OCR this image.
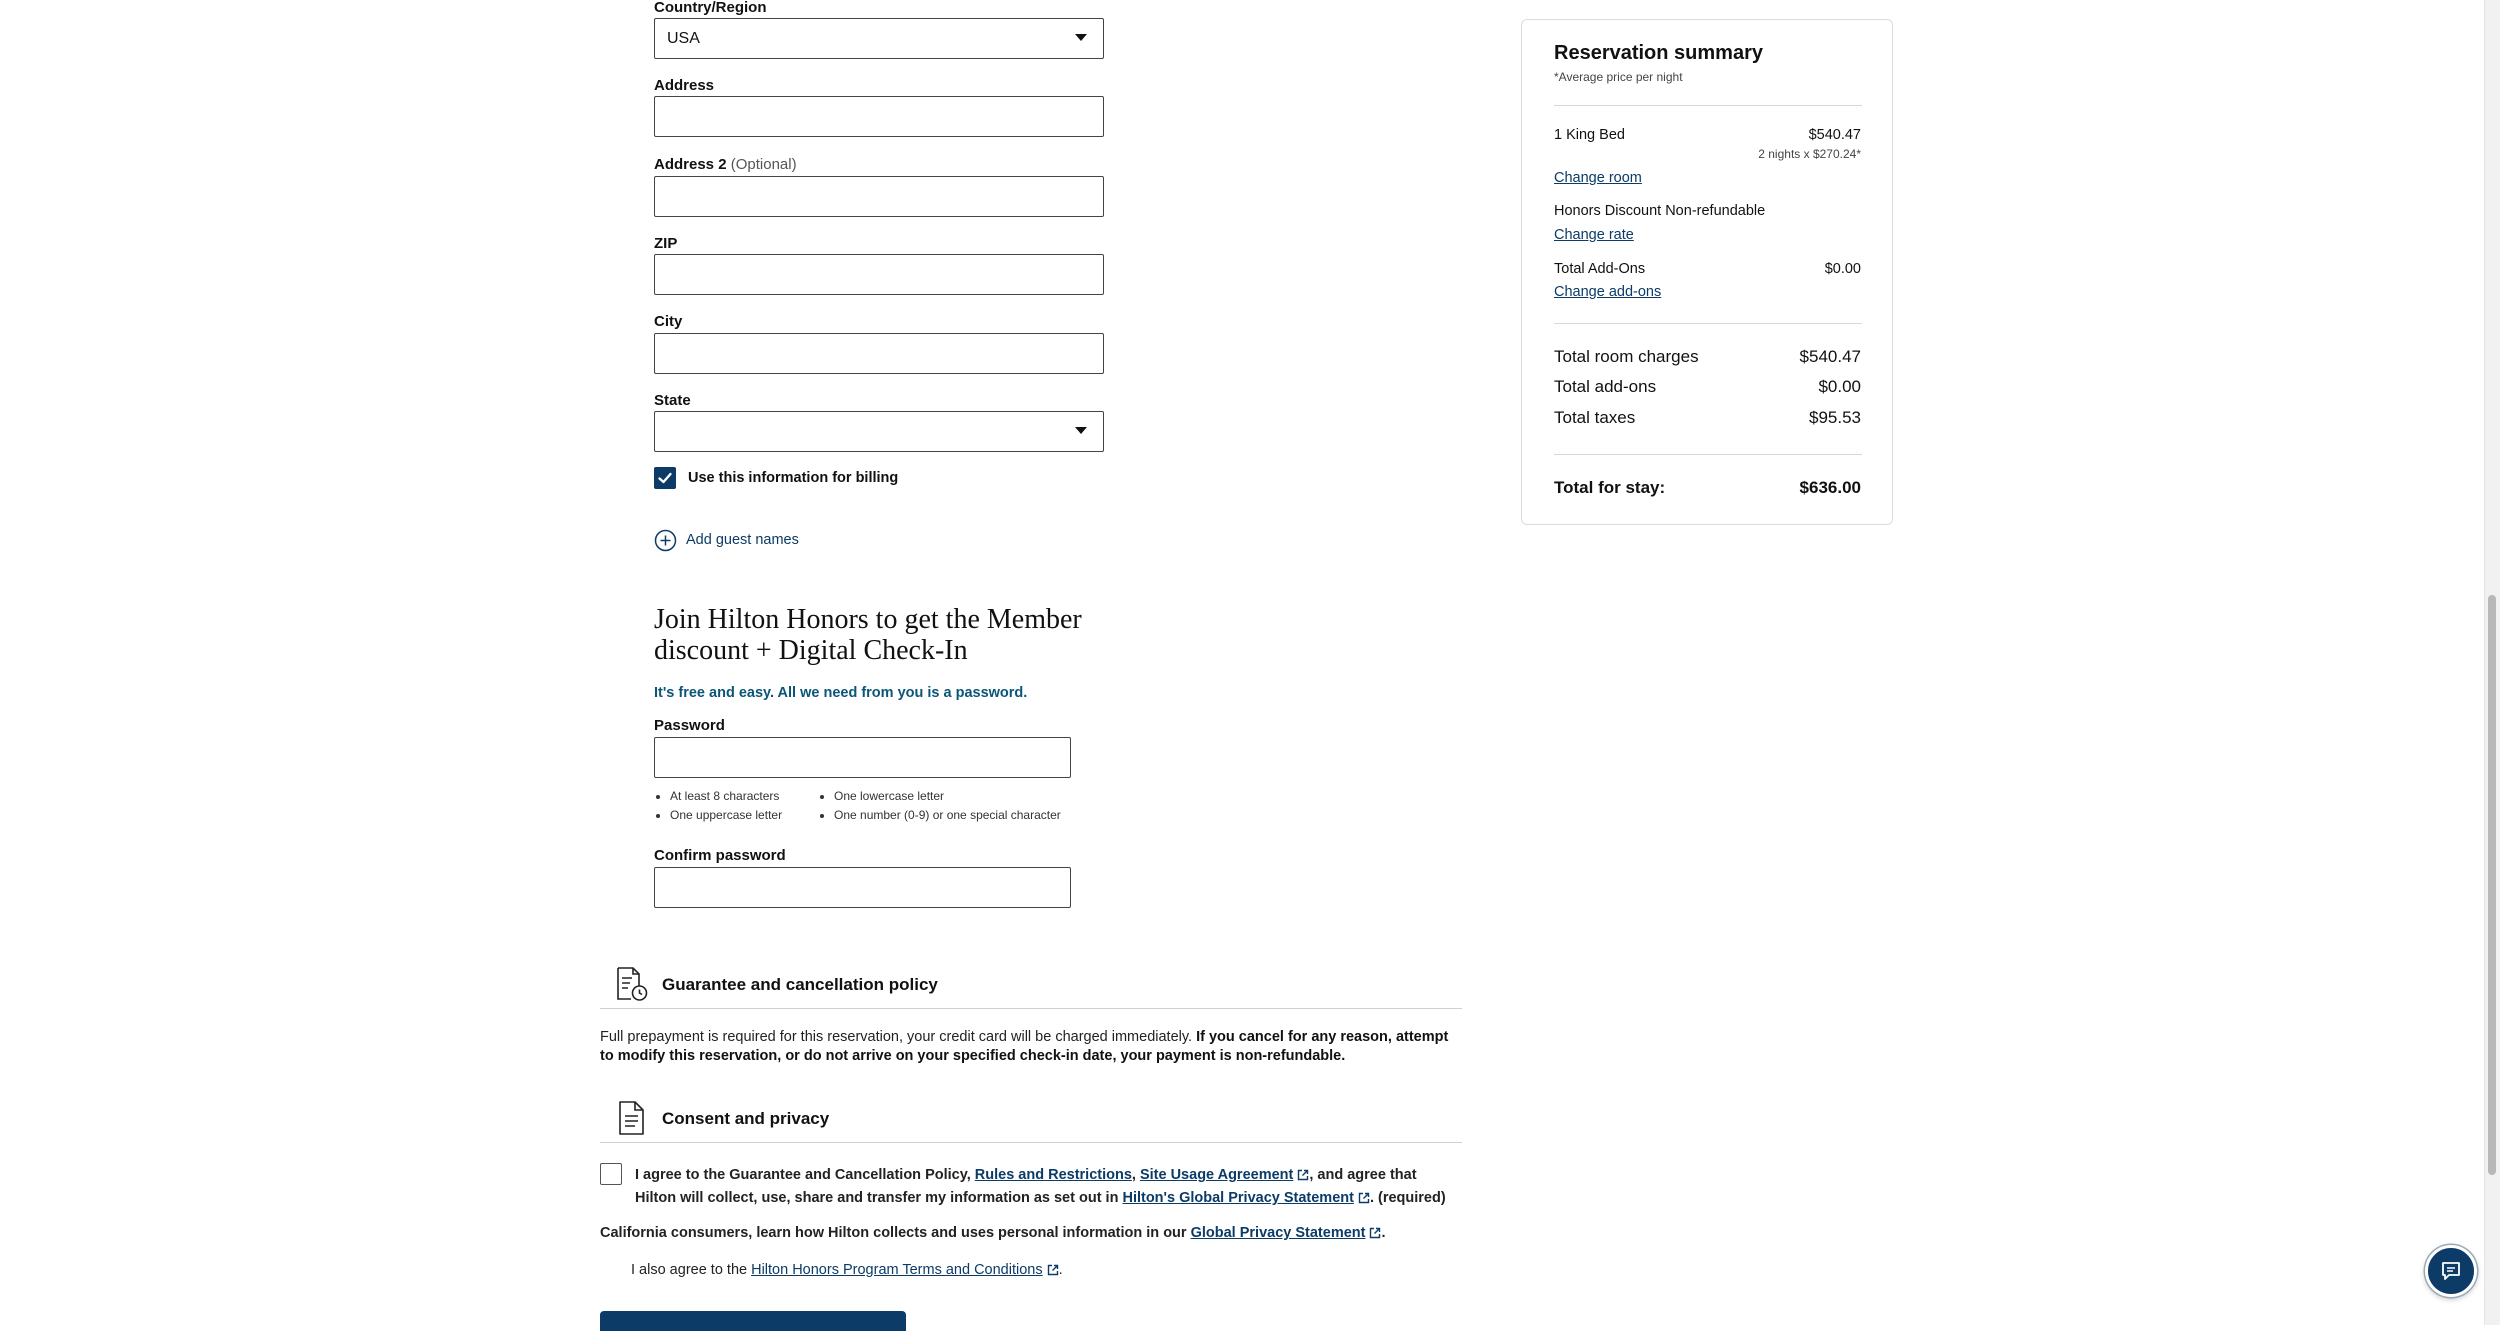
Country/Region
USA
Address
Address 2 (Optional)
ZIP
City
State
Use this information for billing
Add guest names
Join Hilton Honors to get the Member discount + Digital Check-In
It's free and easy. All we need from you is a password.
Password
• At least 8 characters
• One uppercase letter
• One lowercase letter
• One number (0-9) or one special character
Confirm password
Guarantee and cancellation policy
Full prepayment is required for this reservation, your credit card will be charged immediately. If you cancel for any reason, attempt to modify this reservation, or do not arrive on your specified check-in date, your payment is non-refundable.
Consent and privacy
I agree to the Guarantee and Cancellation Policy, Rules and Restrictions, Site Usage Agreement , and agree that Hilton will collect, use, share and transfer my information as set out in Hilton's Global Privacy Statement . (required)
California consumers, learn how Hilton collects and uses personal information in our Global Privacy Statement .
I also agree to the Hilton Honors Program Terms and Conditions .
Reservation summary
*Average price per night
1 King Bed	$540.47
2 nights x $270.24*
Change room
Honors Discount Non-refundable
Change rate
Total Add-Ons	$0.00
Change add-ons
Total room charges	$540.47
Total add-ons	$0.00
Total taxes	$95.53
Total for stay:	$636.00
